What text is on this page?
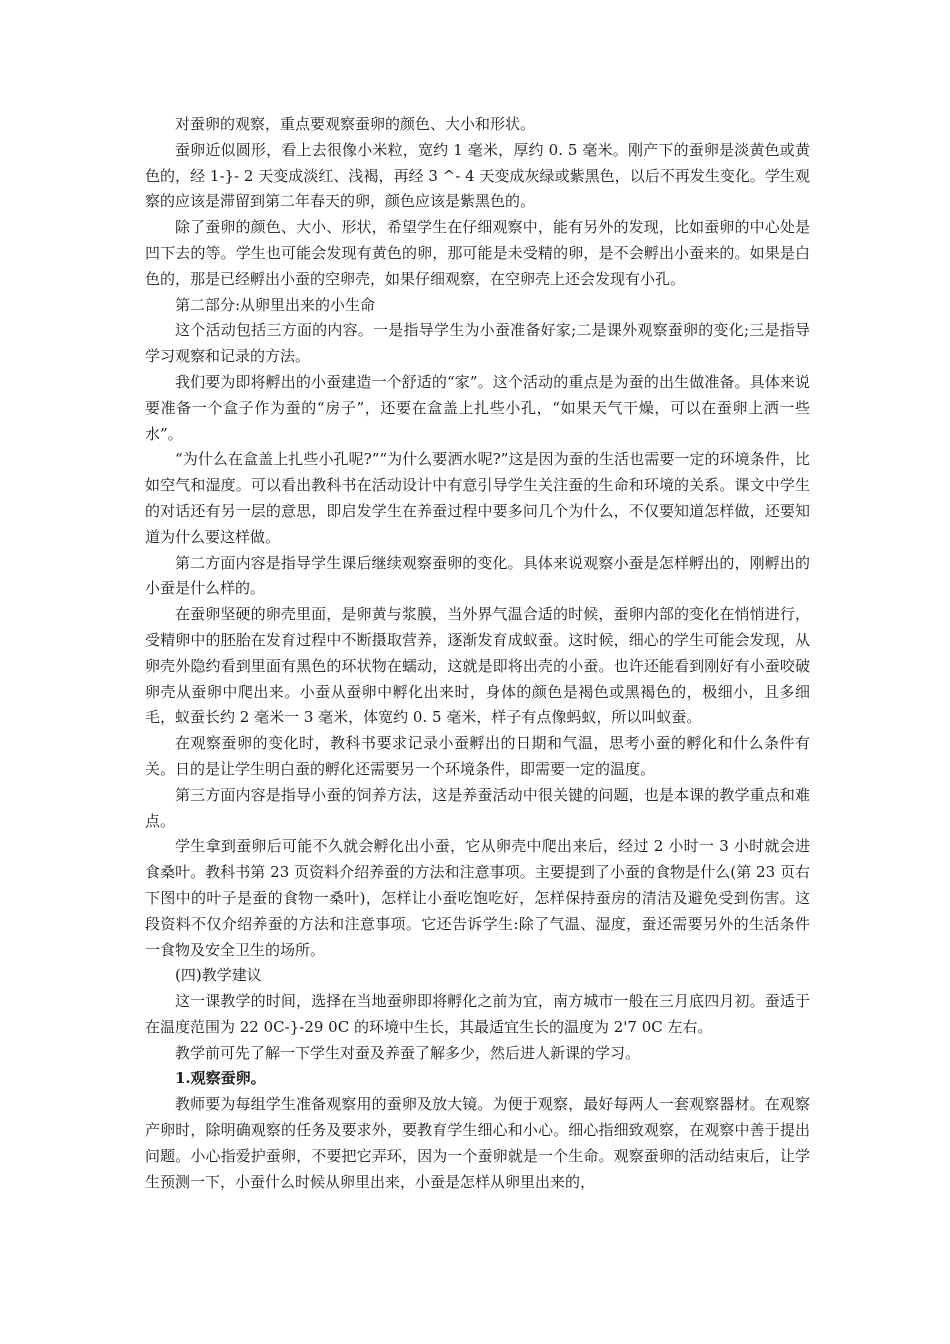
对蚕卵的观察，重点要观察蚕卵的颜色、大小和形状。

蚕卵近似圆形，看上去很像小米粒，宽约 1 毫米，厚约 0. 5 毫米。刚产下的蚕卵是淡黄色或黄色的，经 1-}- 2 天变成淡红、浅褐，再经 3 ^- 4 天变成灰绿或紫黑色，以后不再发生变化。学生观察的应该是滞留到第二年春天的卵，颜色应该是紫黑色的。

除了蚕卵的颜色、大小、形状，希望学生在仔细观察中，能有另外的发现，比如蚕卵的中心处是凹下去的等。学生也可能会发现有黄色的卵，那可能是未受精的卵，是不会孵出小蚕来的。如果是白色的，那是已经孵出小蚕的空卵壳，如果仔细观察，在空卵壳上还会发现有小孔。

第二部分:从卵里出来的小生命

这个活动包括三方面的内容。一是指导学生为小蚕准备好家;二是课外观察蚕卵的变化;三是指导学习观察和记录的方法。

我们要为即将孵出的小蚕建造一个舒适的“家”。这个活动的重点是为蚕的出生做准备。具体来说要准备一个盒子作为蚕的“房子”，还要在盒盖上扎些小孔，“如果天气干燥，可以在蚕卵上洒一些水”。

“为什么在盒盖上扎些小孔呢?”“为什么要洒水呢?”这是因为蚕的生活也需要一定的环境条件，比如空气和湿度。可以看出教科书在活动设计中有意引导学生关注蚕的生命和环境的关系。课文中学生的对话还有另一层的意思，即启发学生在养蚕过程中要多问几个为什么，不仅要知道怎样做，还要知道为什么要这样做。

第二方面内容是指导学生课后继续观察蚕卵的变化。具体来说观察小蚕是怎样孵出的，刚孵出的小蚕是什么样的。

在蚕卵坚硬的卵壳里面，是卵黄与浆膜，当外界气温合适的时候，蚕卵内部的变化在悄悄进行，受精卵中的胚胎在发育过程中不断摄取营养，逐渐发育成蚁蚕。这时候，细心的学生可能会发现，从卵壳外隐约看到里面有黑色的环状物在蠕动，这就是即将出壳的小蚕。也许还能看到刚好有小蚕咬破卵壳从蚕卵中爬出来。小蚕从蚕卵中孵化出来时，身体的颜色是褐色或黑褐色的，极细小，且多细毛，蚁蚕长约 2 毫米一 3 毫米，体宽约 0. 5 毫米，样子有点像蚂蚁，所以叫蚁蚕。

在观察蚕卵的变化时，教科书要求记录小蚕孵出的日期和气温，思考小蚕的孵化和什么条件有关。日的是让学生明白蚕的孵化还需要另一个环境条件，即需要一定的温度。

第三方面内容是指导小蚕的饲养方法，这是养蚕活动中很关键的问题，也是本课的教学重点和难点。

学生拿到蚕卵后可能不久就会孵化出小蚕，它从卵壳中爬出来后，经过 2 小时一 3 小时就会进食桑叶。教科书第 23 页资料介绍养蚕的方法和注意事项。主要提到了小蚕的食物是什么(第 23 页右下图中的叶子是蚕的食物一桑叶)，怎样让小蚕吃饱吃好，怎样保持蚕房的清洁及避免受到伤害。这段资料不仅介绍养蚕的方法和注意事项。它还告诉学生:除了气温、湿度，蚕还需要另外的生活条件一食物及安全卫生的场所。

(四)教学建议

这一课教学的时间，选择在当地蚕卵即将孵化之前为宜，南方城市一般在三月底四月初。蚕适于在温度范围为 22 0C-}-29 0C 的环境中生长，其最适宜生长的温度为 2'7 0C 左右。

教学前可先了解一下学生对蚕及养蚕了解多少，然后进人新课的学习。

1.观察蚕卵。

教师要为每组学生准备观察用的蚕卵及放大镜。为便于观察，最好每两人一套观察器材。在观察产卵时，除明确观察的任务及要求外，要教育学生细心和小心。细心指细致观察，在观察中善于提出问题。小心指爱护蚕卵，不要把它弄环，因为一个蚕卵就是一个生命。观察蚕卵的活动结束后，让学生预测一下，小蚕什么时候从卵里出来，小蚕是怎样从卵里出来的，
